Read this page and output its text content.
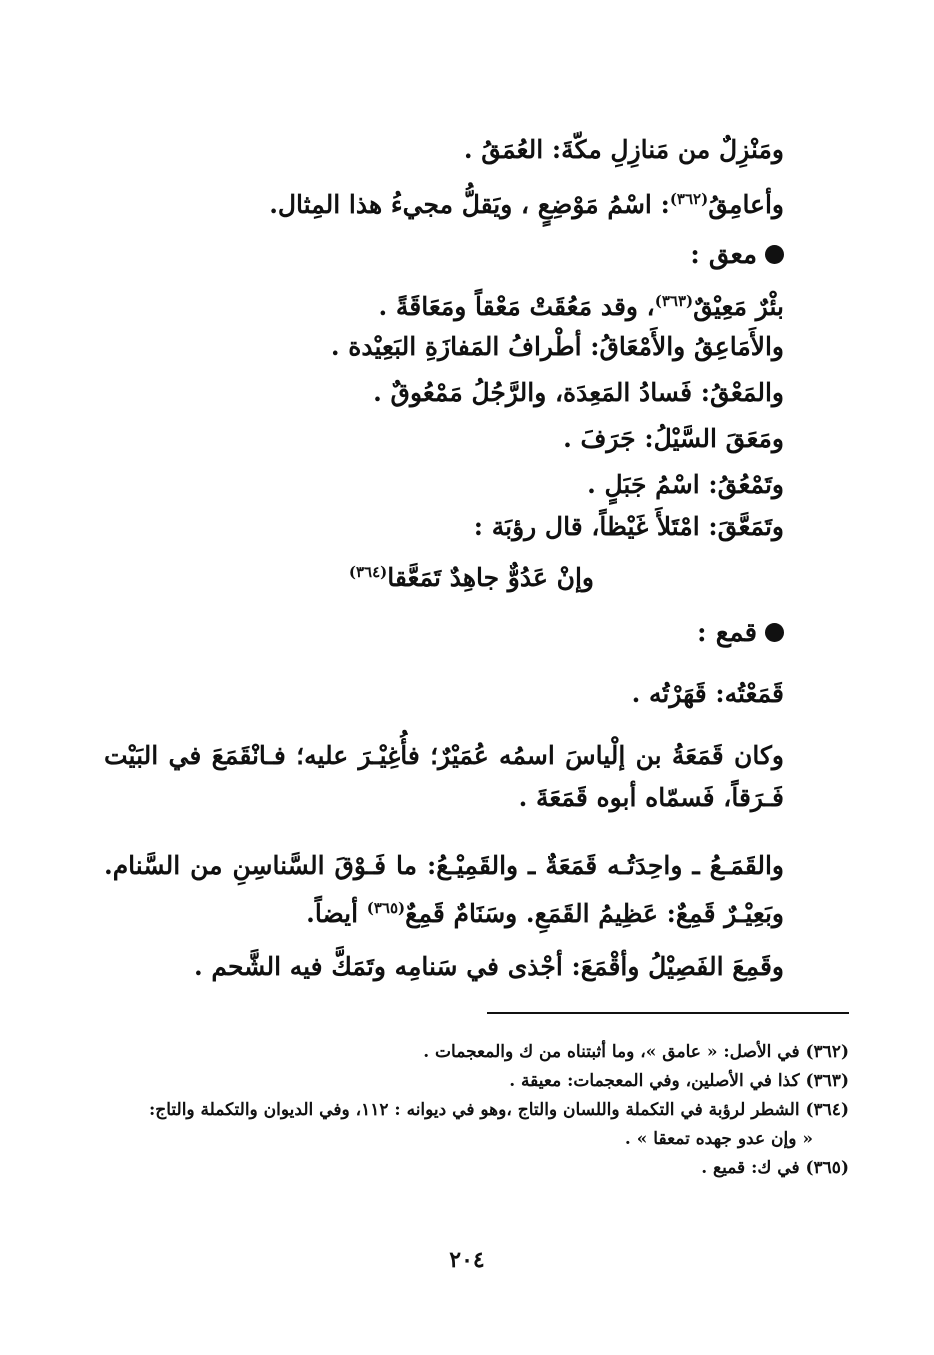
ومَنْزِلٌ من مَنازِلِ مكّةَ: العُمَقُ .
وأعامِقُ$^{(٣٦٢)}$: اسْمُ مَوْضِعٍ ، ويَقلُّ مجيءُ هذا المِثال.
معق :
بئْرٌ مَعِيْقٌ$^{(٣٦٣)}$، وقد مَعُقَتْ مَعْقاً ومَعَاقَةً .
والأَمَاعِقُ والأَمْعَاقُ: أطْرافُ المَفازَةِ البَعِيْدة .
والمَعْقُ: فَسادُ المَعِدَة، والرَّجُلُ مَمْعُوقٌ .
ومَعَقَ السَّيْلُ: جَرَفَ .
وتَمْعُقُ: اسْمُ جَبَلٍ .
وتَمَعَّقَ: امْتَلأَ غَيْظاً، قال رؤبَة :
وإنْ عَدُوٌّ جاهِدٌ تَمَعَّقا$^{(٣٦٤)}$
قمع :
قَمَعْتُه: قَهَرْتُه .
وكان قَمَعَةُ بن إلْياسَ اسمُه عُمَيْرٌ؛ فأُغِيْـرَ عليه؛ فـانْقَمَعَ في البَيْت فَـرَقاً، فَسمّاه أبوه قَمَعَةَ .
والقَمَـعُ ـ واحِدَتُـه قَمَعَةٌ ـ والقَمِيْـعُ: ما فَـوْقَ السَّناسِنِ من السَّنام. وبَعِيْـرٌ قَمِعٌ: عَظِيمُ القَمَعِ. وسَنَامٌ قَمِعٌ$^{(٣٦٥)}$ أيضاً.
وقَمِعَ الفَصِيْلُ وأقْمَعَ: أجْذى في سَنامِه وتَمَكَّ فيه الشَّحم .
(٣٦٢) في الأصل: « عامق »، وما أثبتناه من ك والمعجمات .
(٣٦٣) كذا في الأصلين، وفي المعجمات: معيقة .
(٣٦٤) الشطر لرؤبة في التكملة واللسان والتاج ،وهو في ديوانه : ١١٢، وفي الديوان والتكملة والتاج:
« وإن عدو جهده تمعقا » .
(٣٦٥) في ك: قميع .
٢٠٤
